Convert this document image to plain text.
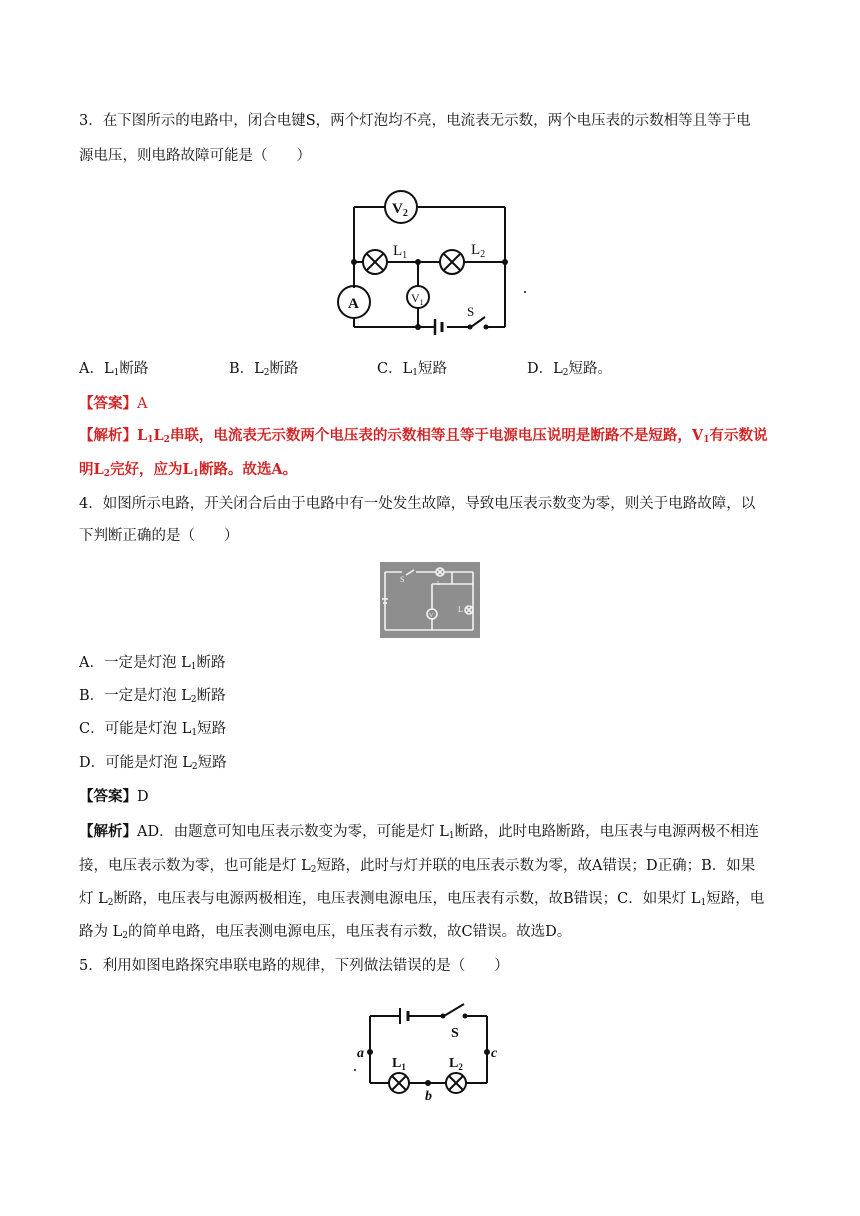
3．在下图所示的电路中，闭合电键S，两个灯泡均不亮，电流表无示数，两个电压表的示数相等且等于电
源电压，则电路故障可能是（　　）
$V_2$
$L_1$	$L_2$
A	$V_1$
S
A．$L_1$断路	B．$L_2$断路	C．$L_1$短路	D．$L_2$短路。
【答案】A
【解析】$L_1L_2$串联，电流表无示数两个电压表的示数相等且等于电源电压说明是断路不是短路，$V_1$有示数说
明$L_2$完好，应为$L_1$断路。故选A。
4．如图所示电路，开关闭合后由于电路中有一处发生故障，导致电压表示数变为零，则关于电路故障，以
下判断正确的是（　　）
S	L
L
V
A．一定是灯泡 $L_1$断路
B．一定是灯泡 $L_2$断路
C．可能是灯泡 $L_1$短路
D．可能是灯泡 $L_2$短路
【答案】D
【解析】AD．由题意可知电压表示数变为零，可能是灯 $L_1$断路，此时电路断路，电压表与电源两极不相连
接，电压表示数为零，也可能是灯 $L_2$短路，此时与灯并联的电压表示数为零，故A错误；D正确；B．如果
灯 $L_2$断路，电压表与电源两极相连，电压表测电源电压，电压表有示数，故B错误；C．如果灯 $L_1$短路，电
路为 $L_2$的简单电路，电压表测电源电压，电压表有示数，故C错误。故选D。
5．利用如图电路探究串联电路的规律，下列做法错误的是（　　）
S
a	c
b
$L_1$	$L_2$
